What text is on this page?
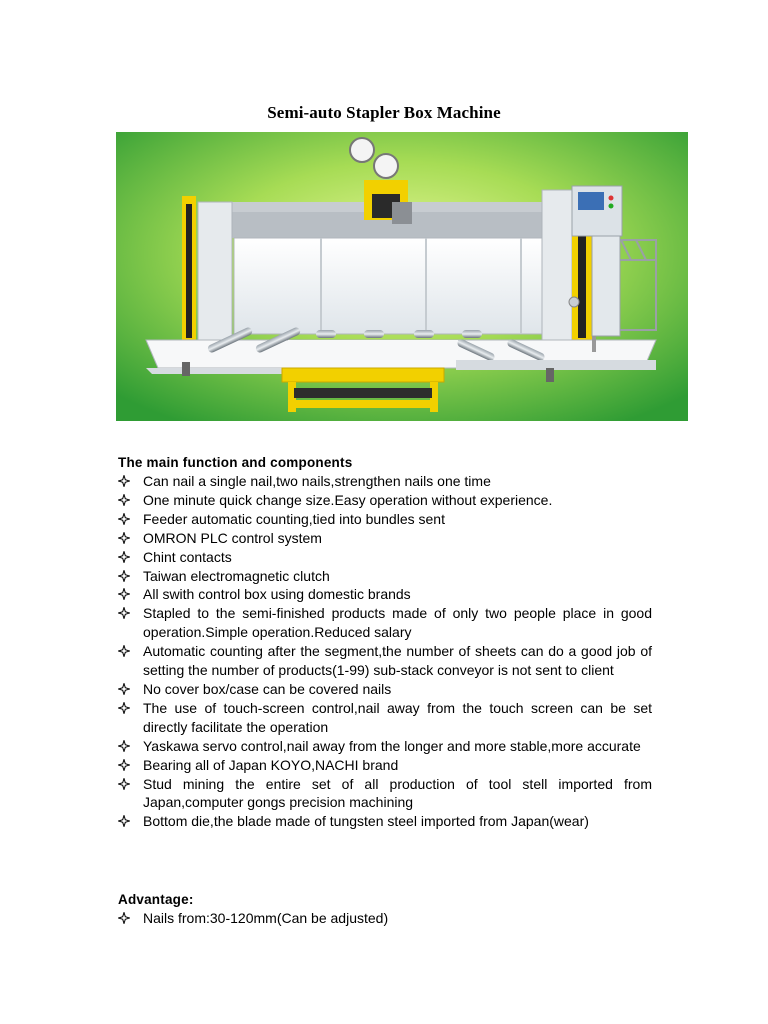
Semi-auto Stapler Box Machine
The main function and components
Can nail a single nail,two nails,strengthen nails one time
One minute quick change size.Easy operation without experience.
Feeder automatic counting,tied into bundles sent
OMRON PLC control system
Chint contacts
Taiwan electromagnetic clutch
All swith control box using domestic brands
Stapled to the semi-finished products made of only two people place in good operation.Simple operation.Reduced salary
Automatic counting after the segment,the number of sheets can do a good job of setting the number of products(1-99) sub-stack conveyor is not sent to client
No cover box/case can be covered nails
The use of touch-screen control,nail away from the touch screen can be set directly facilitate the operation
Yaskawa servo control,nail away from the longer and more stable,more accurate
Bearing all of Japan KOYO,NACHI brand
Stud mining the entire set of all production of tool stell imported from Japan,computer gongs precision machining
Bottom die,the blade made of tungsten steel imported from Japan(wear)
Advantage:
Nails from:30-120mm(Can be adjusted)
